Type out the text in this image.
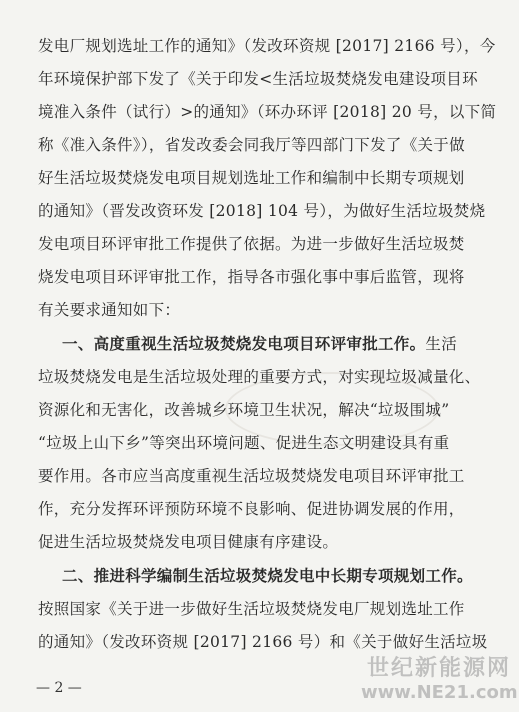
发电厂规划选址工作的通知》（发改环资规 [2017] 2166 号），今
年环境保护部下发了《关于印发<生活垃圾焚烧发电建设项目环
境准入条件（试行）>的通知》（环办环评 [2018] 20 号，以下简
称《准入条件》），省发改委会同我厅等四部门下发了《关于做
好生活垃圾焚烧发电项目规划选址工作和编制中长期专项规划
的通知》（晋发改资环发 [2018] 104 号），为做好生活垃圾焚烧
发电项目环评审批工作提供了依据。为进一步做好生活垃圾焚
烧发电项目环评审批工作，指导各市强化事中事后监管，现将
有关要求通知如下：
一、高度重视生活垃圾焚烧发电项目环评审批工作。生活
垃圾焚烧发电是生活垃圾处理的重要方式，对实现垃圾减量化、
资源化和无害化，改善城乡环境卫生状况，解决“垃圾围城”
“垃圾上山下乡”等突出环境问题、促进生态文明建设具有重
要作用。各市应当高度重视生活垃圾焚烧发电项目环评审批工
作，充分发挥环评预防环境不良影响、促进协调发展的作用，
促进生活垃圾焚烧发电项目健康有序建设。
二、推进科学编制生活垃圾焚烧发电中长期专项规划工作。
按照国家《关于进一步做好生活垃圾焚烧发电厂规划选址工作
的通知》（发改环资规 [2017] 2166 号）和《关于做好生活垃圾
— 2 —
世纪新能源网
www.NE21.com
